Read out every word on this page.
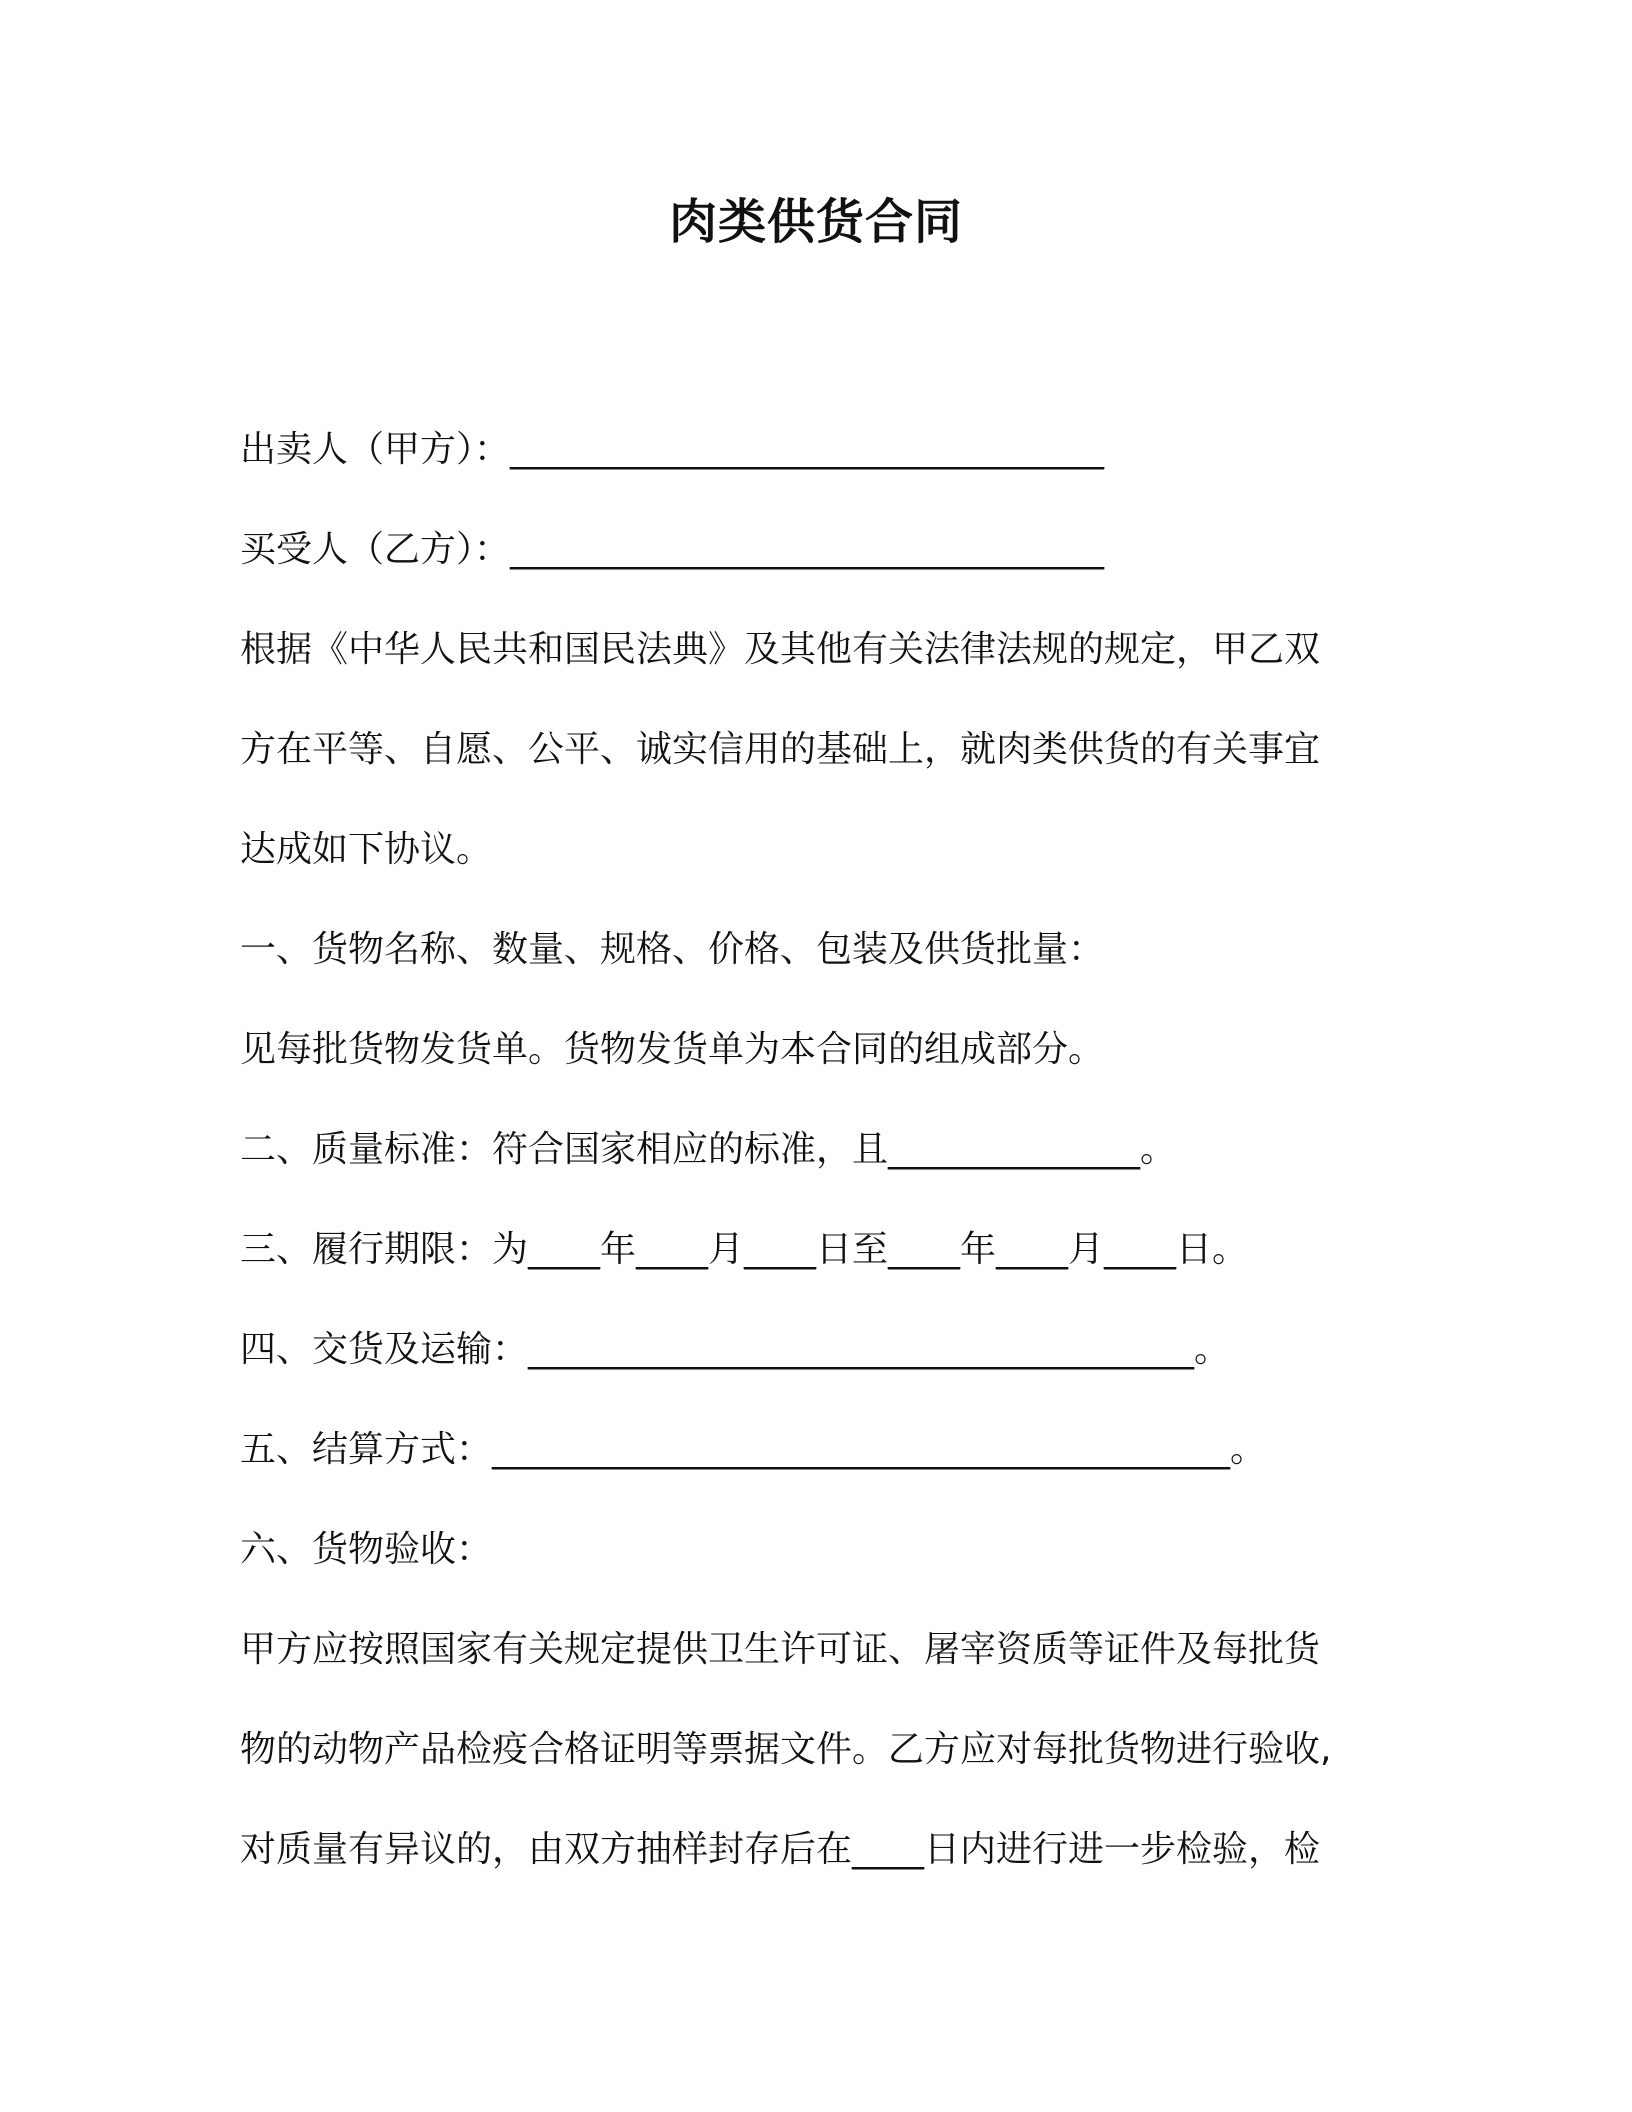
肉类供货合同
出卖人（甲方）：_________________________________
买受人（乙方）：_________________________________
根据《中华人民共和国民法典》及其他有关法律法规的规定，甲乙双
方在平等、自愿、公平、诚实信用的基础上，就肉类供货的有关事宜
达成如下协议。
一、货物名称、数量、规格、价格、包装及供货批量：
见每批货物发货单。货物发货单为本合同的组成部分。
二、质量标准：符合国家相应的标准，且______________。
三、履行期限：为____年____月____日至____年____月____日。
四、交货及运输：_____________________________________。
五、结算方式：_________________________________________。
六、货物验收：
甲方应按照国家有关规定提供卫生许可证、屠宰资质等证件及每批货
物的动物产品检疫合格证明等票据文件。乙方应对每批货物进行验收,
对质量有异议的，由双方抽样封存后在____日内进行进一步检验，检
